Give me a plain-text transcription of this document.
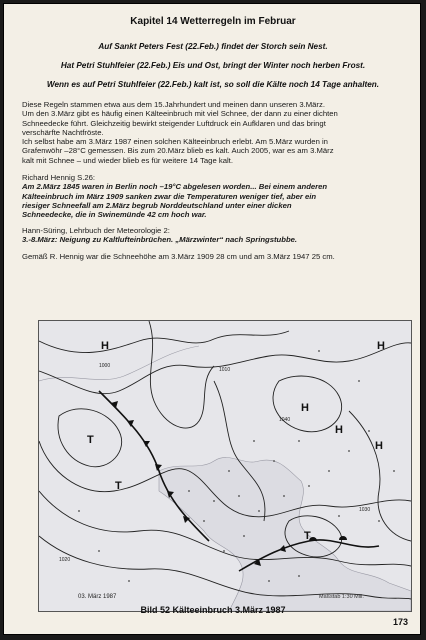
Kapitel 14 Wetterregeln im Februar
Auf Sankt Peters Fest (22.Feb.) findet der Storch sein Nest.
Hat Petri Stuhlfeier (22.Feb.) Eis und Ost, bringt der Winter noch herben Frost.
Wenn es auf Petri Stuhlfeier (22.Feb.) kalt ist, so soll die Kälte noch 14 Tage anhalten.
Diese Regeln stammen etwa aus dem 15.Jahrhundert und meinen dann unseren 3.März.
Um den 3.März gibt es häufig einen Kälteeinbruch mit viel Schnee, der dann zu einer dichten
Schneedecke führt. Gleichzeitig bewirkt steigender Luftdruck ein Aufklaren und das bringt
verschärfte Nachtfröste.
Ich selbst habe am 3.März 1987 einen solchen Kälteeinbruch erlebt. Am 5.März wurden in
Grafenwöhr –28°C gemessen. Bis zum 20.März blieb es kalt. Auch 2005, war es am 3.März
kalt mit Schnee – und wieder blieb es für weitere 14 Tage kalt.
Richard Hennig S.26:
Am 2.März 1845 waren in Berlin noch –19°C abgelesen worden... Bei einem anderen
Kälteeinbruch im März 1909 sanken zwar die Temperaturen weniger tief, aber ein
riesiger Schneefall am 2.März begrub Norddeutschland unter einer dicken
Schneedecke, die in Swinemünde 42 cm hoch war.
Hann-Süring, Lehrbuch der Meteorologie 2:
3.-8.März: Neigung zu Kaltlufteinbrüchen. „Märzwinter“ nach Springstubbe.
Gemäß R. Hennig war die Schneehöhe am 3.März 1909 28 cm und am 3.März 1947 25 cm.
H	H
T
T
H
T
H
H
1000
1010
1020
1030
1040
03. März 1987	Maßstab 1:30 Mill.
Bild 52 Kälteeinbruch 3.März 1987
173
